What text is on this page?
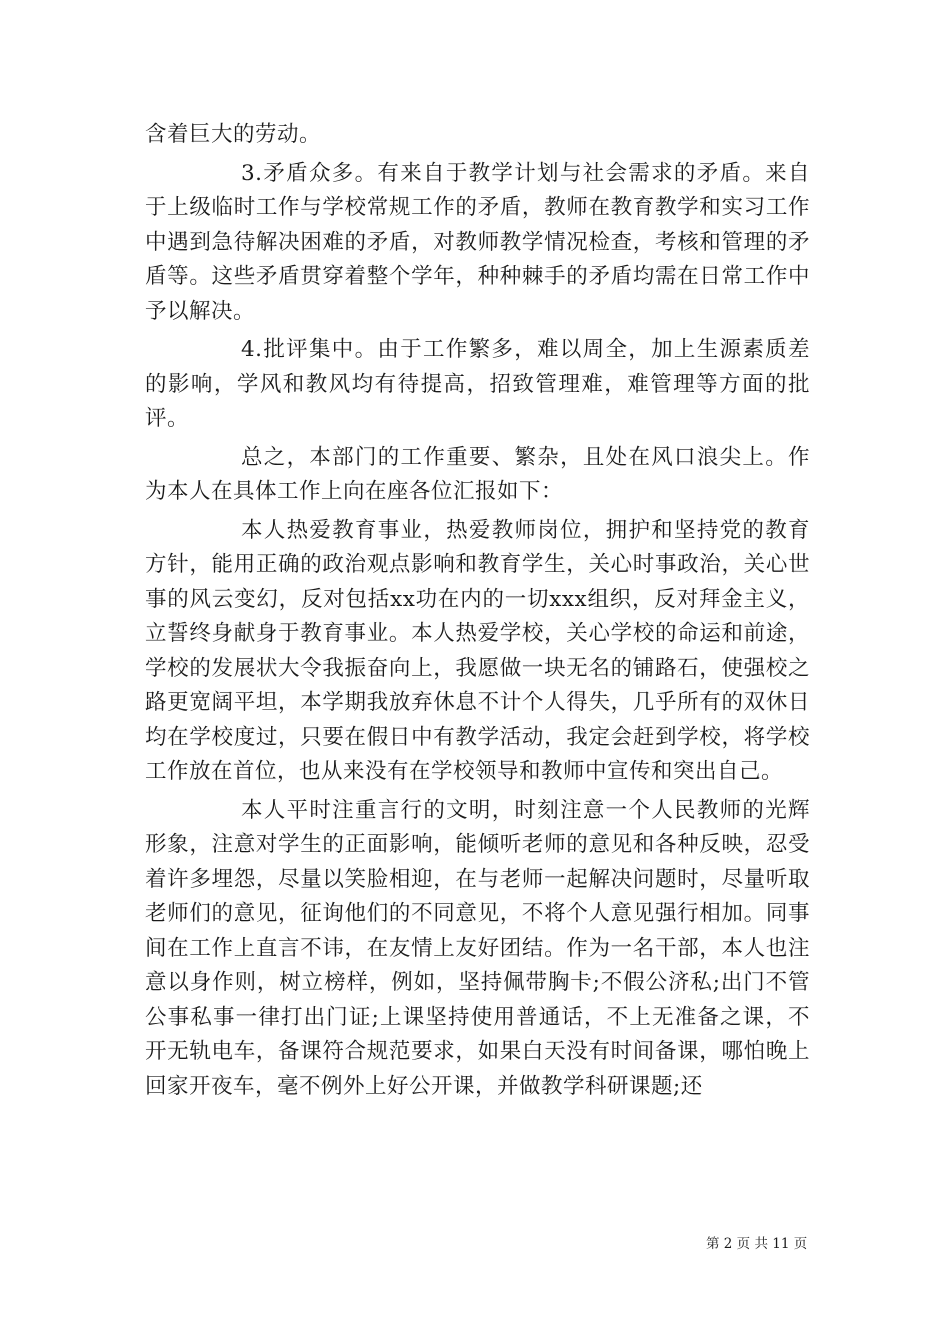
含着巨大的劳动。

3.矛盾众多。有来自于教学计划与社会需求的矛盾。来自于上级临时工作与学校常规工作的矛盾，教师在教育教学和实习工作中遇到急待解决困难的矛盾，对教师教学情况检查，考核和管理的矛盾等。这些矛盾贯穿着整个学年，种种棘手的矛盾均需在日常工作中予以解决。

4.批评集中。由于工作繁多，难以周全，加上生源素质差的影响，学风和教风均有待提高，招致管理难，难管理等方面的批评。

总之，本部门的工作重要、繁杂，且处在风口浪尖上。作为本人在具体工作上向在座各位汇报如下：

本人热爱教育事业，热爱教师岗位，拥护和坚持党的教育方针，能用正确的政治观点影响和教育学生，关心时事政治，关心世事的风云变幻，反对包括xx功在内的一切xxx组织，反对拜金主义，立誓终身献身于教育事业。本人热爱学校，关心学校的命运和前途，学校的发展状大令我振奋向上，我愿做一块无名的铺路石，使强校之路更宽阔平坦，本学期我放弃休息不计个人得失，几乎所有的双休日均在学校度过，只要在假日中有教学活动，我定会赶到学校，将学校工作放在首位，也从来没有在学校领导和教师中宣传和突出自己。

本人平时注重言行的文明，时刻注意一个人民教师的光辉形象，注意对学生的正面影响，能倾听老师的意见和各种反映，忍受着许多埋怨，尽量以笑脸相迎，在与老师一起解决问题时，尽量听取老师们的意见，征询他们的不同意见，不将个人意见强行相加。同事间在工作上直言不讳，在友情上友好团结。作为一名干部，本人也注意以身作则，树立榜样，例如，坚持佩带胸卡;不假公济私;出门不管公事私事一律打出门证;上课坚持使用普通话，不上无准备之课，不开无轨电车，备课符合规范要求，如果白天没有时间备课，哪怕晚上回家开夜车，毫不例外上好公开课，并做教学科研课题;还

第 2 页 共 11 页
